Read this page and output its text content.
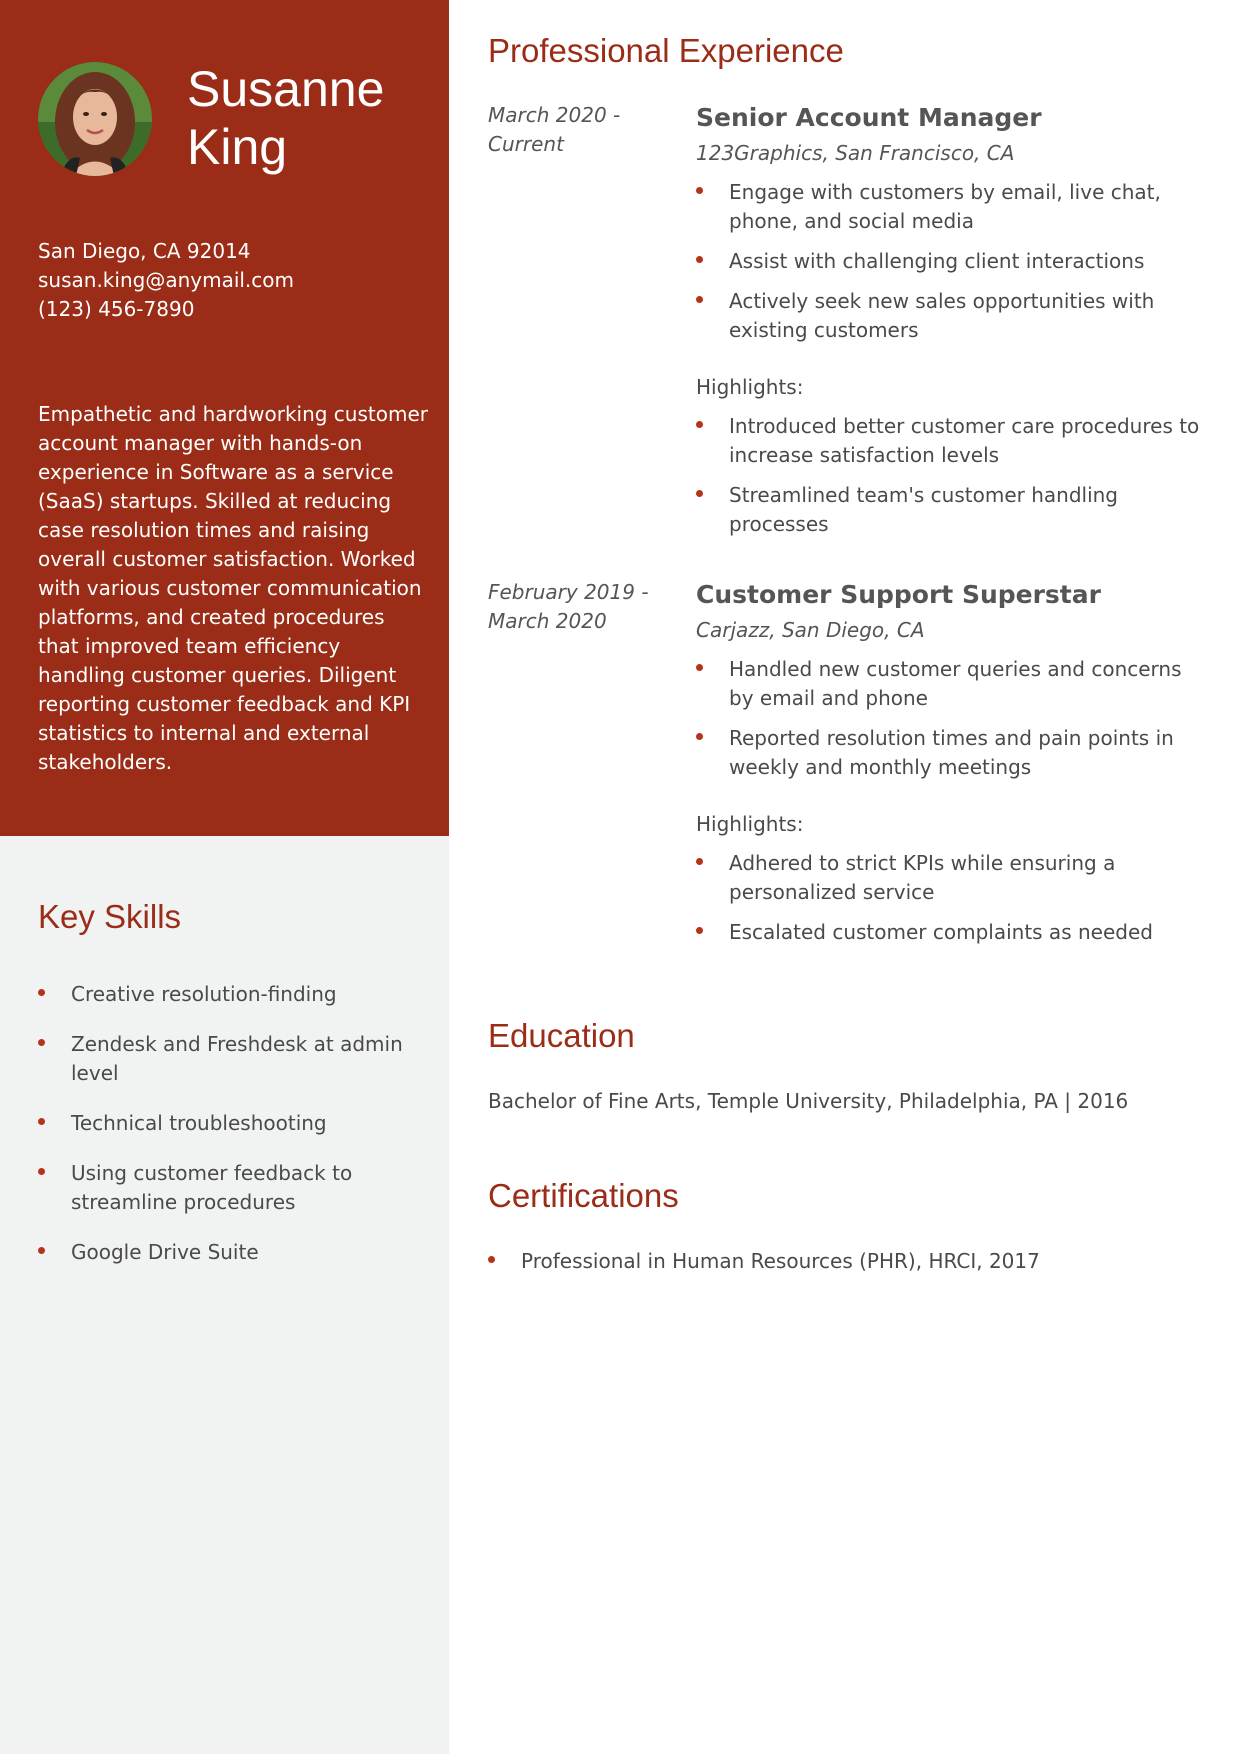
Susanne
King
San Diego, CA 92014
susan.king@anymail.com
(123) 456-7890
Empathetic and hardworking customer account manager with hands-on experience in Software as a service (SaaS) startups. Skilled at reducing case resolution times and raising overall customer satisfaction. Worked with various customer communication platforms, and created procedures that improved team efficiency handling customer queries. Diligent reporting customer feedback and KPI statistics to internal and external stakeholders.
Key Skills
Creative resolution-finding
Zendesk and Freshdesk at admin level
Technical troubleshooting
Using customer feedback to streamline procedures
Google Drive Suite
Professional Experience
March 2020 - Current
Senior Account Manager
123Graphics, San Francisco, CA
Engage with customers by email, live chat, phone, and social media
Assist with challenging client interactions
Actively seek new sales opportunities with existing customers
Highlights:
Introduced better customer care procedures to increase satisfaction levels
Streamlined team's customer handling processes
February 2019 - March 2020
Customer Support Superstar
Carjazz, San Diego, CA
Handled new customer queries and concerns by email and phone
Reported resolution times and pain points in weekly and monthly meetings
Highlights:
Adhered to strict KPIs while ensuring a personalized service
Escalated customer complaints as needed
Education
Bachelor of Fine Arts, Temple University, Philadelphia, PA | 2016
Certifications
Professional in Human Resources (PHR), HRCI, 2017
